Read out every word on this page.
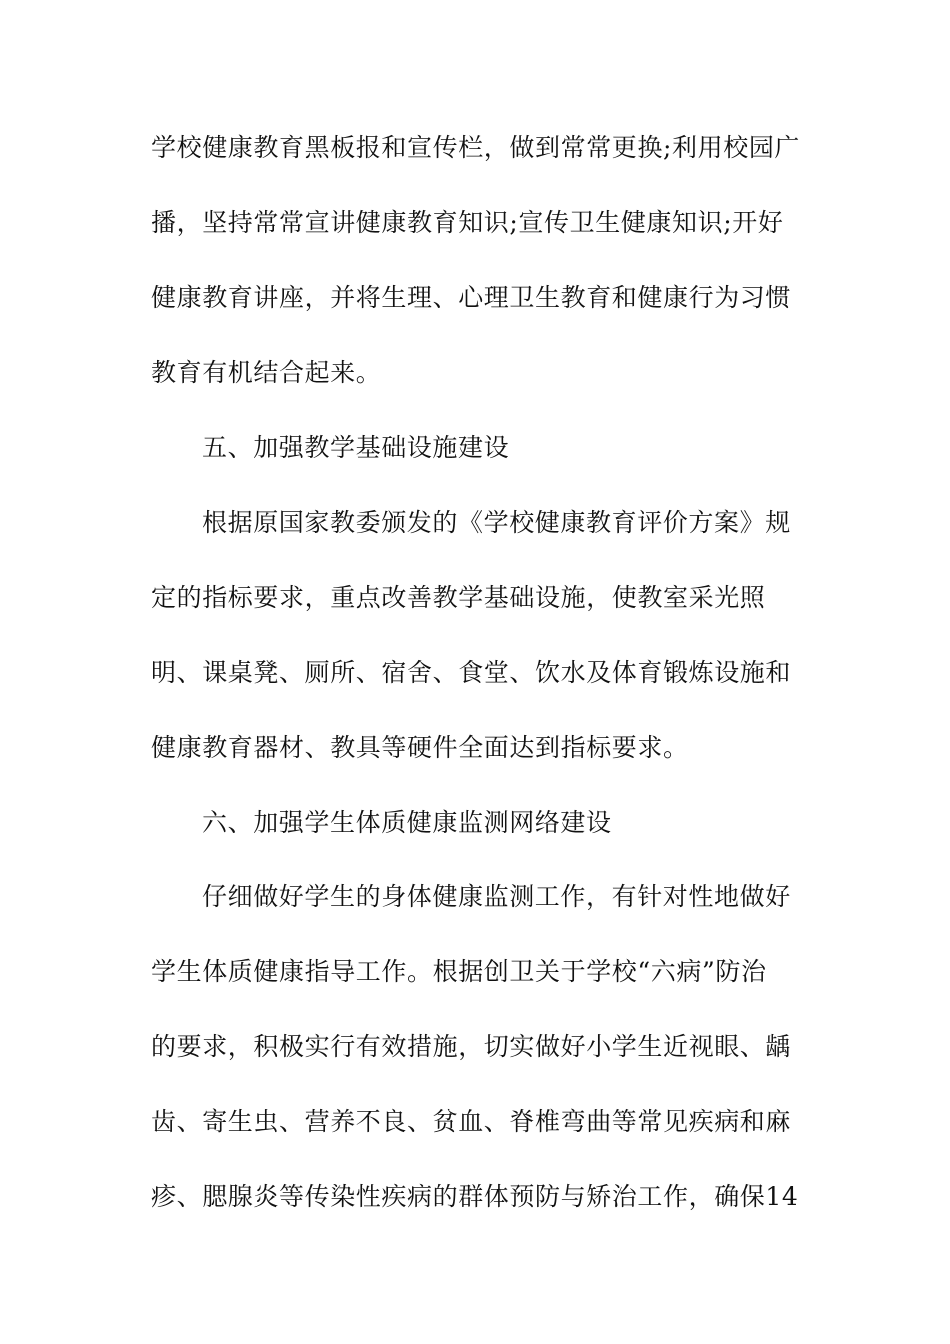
学校健康教育黑板报和宣传栏，做到常常更换;利用校园广
播，坚持常常宣讲健康教育知识;宣传卫生健康知识;开好
健康教育讲座，并将生理、心理卫生教育和健康行为习惯
教育有机结合起来。
五、加强教学基础设施建设
根据原国家教委颁发的《学校健康教育评价方案》规
定的指标要求，重点改善教学基础设施，使教室采光照
明、课桌凳、厕所、宿舍、食堂、饮水及体育锻炼设施和
健康教育器材、教具等硬件全面达到指标要求。
六、加强学生体质健康监测网络建设
仔细做好学生的身体健康监测工作，有针对性地做好
学生体质健康指导工作。根据创卫关于学校“六病”防治
的要求，积极实行有效措施，切实做好小学生近视眼、龋
齿、寄生虫、营养不良、贫血、脊椎弯曲等常见疾病和麻
疹、腮腺炎等传染性疾病的群体预防与矫治工作，确保14
